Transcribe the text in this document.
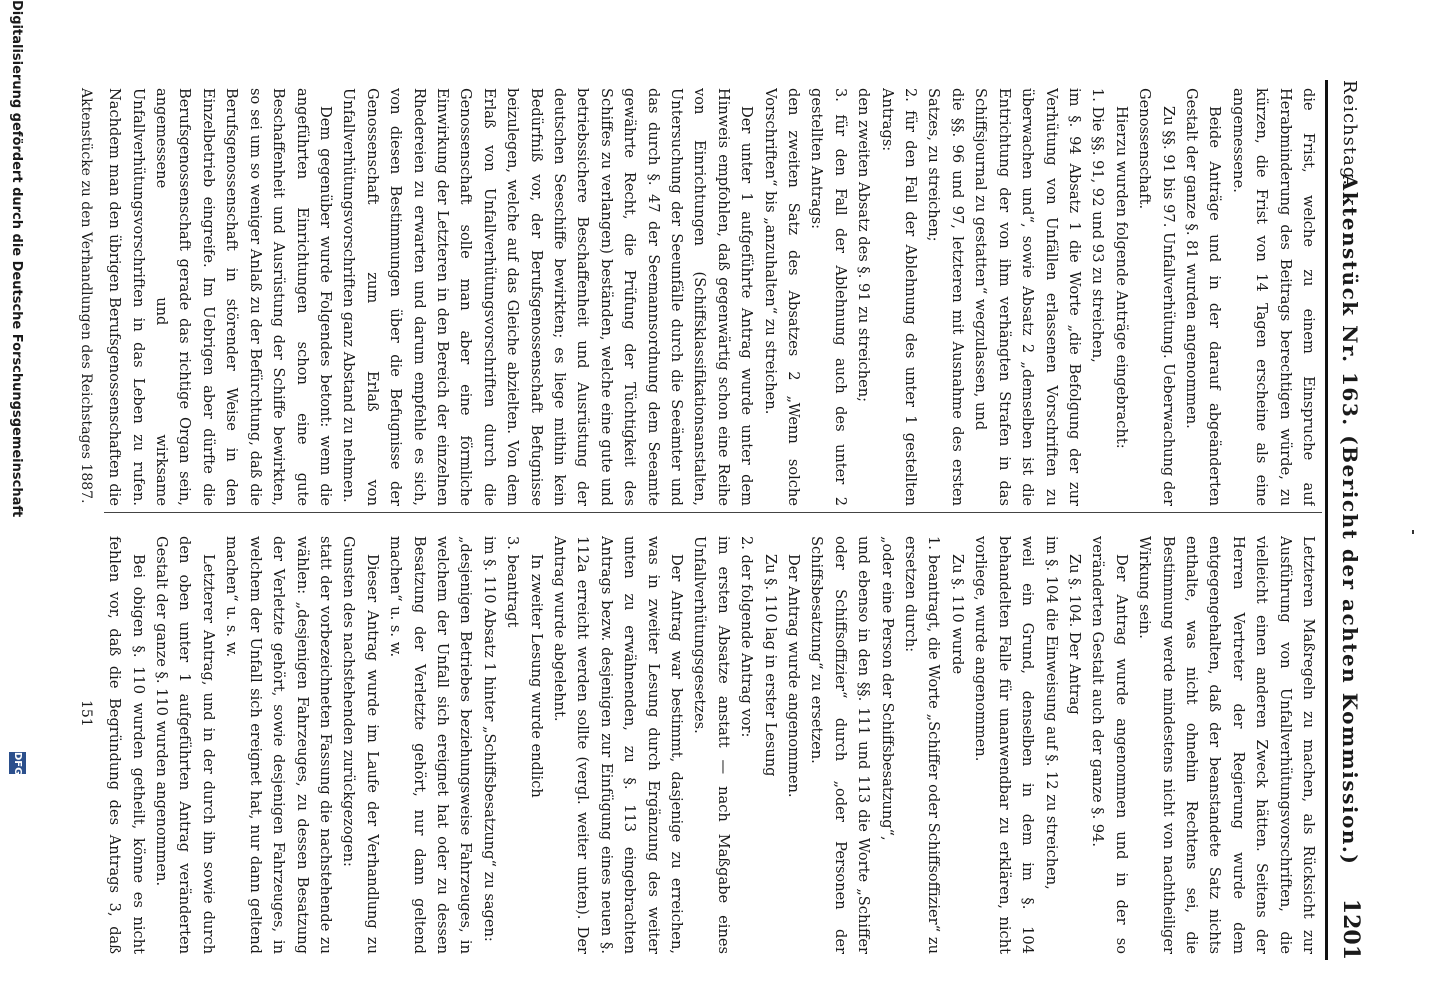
Reichstag.
Aktenstück Nr. 163. (Bericht der achten Kommission.)
1201

die Frist, welche zu einem Einspruche auf Herabminderung des Beitrags berechtigen würde, zu kürzen, die Frist von 14 Tagen erscheine als eine angemessene.

Beide Anträge und in der darauf abgeänderten Gestalt der ganze §. 81 wurden angenommen.

Zu §§. 91 bis 97. Unfallverhütung. Ueberwachung der Genossenschaft.

Hierzu wurden folgende Anträge eingebracht:

1. Die §§. 91, 92 und 93 zu streichen,

im §. 94 Absatz 1 die Worte „die Befolgung der zur Verhütung von Unfällen erlassenen Vorschriften zu überwachen und“, sowie Absatz 2 „demselben ist die Entrichtung der von ihm verhängten Strafen in das Schiffsjournal zu gestatten“ wegzulassen, und

die §§. 96 und 97, letzteren mit Ausnahme des ersten Satzes, zu streichen;

2. für den Fall der Ablehnung des unter 1 gestellten Antrags:

den zweiten Absatz des §. 91 zu streichen;

3. für den Fall der Ablehnung auch des unter 2 gestellten Antrags:

den zweiten Satz des Absatzes 2 „Wenn solche Vorschriften“ bis „anzuhalten“ zu streichen.

Der unter 1 aufgeführte Antrag wurde unter dem Hinweis empfohlen, daß gegenwärtig schon eine Reihe von Einrichtungen (Schiffsklassifikationsanstalten, Untersuchung der Seeunfälle durch die Seeämter und das durch §. 47 der Seemannsordnung dem Seeamte gewährte Recht, die Prüfung der Tüchtigkeit des Schiffes zu verlangen) beständen, welche eine gute und betriebssichere Beschaffenheit und Ausrüstung der deutschen Seeschiffe bewirkten; es liege mithin kein Bedürfniß vor, der Berufsgenossenschaft Befugnisse beizulegen, welche auf das Gleiche abzielten. Von dem Erlaß von Unfallverhütungsvorschriften durch die Genossenschaft solle man aber eine förmliche Einwirkung der Letzteren in den Bereich der einzelnen Rhedereien zu erwarten und darum empfehle es sich, von diesen Bestimmungen über die Befugnisse der Genossenschaft zum Erlaß von Unfallverhütungsvorschriften ganz Abstand zu nehmen.

Dem gegenüber wurde Folgendes betont: wenn die angeführten Einrichtungen schon eine gute Beschaffenheit und Ausrüstung der Schiffe bewirkten, so sei um so weniger Anlaß zu der Befürchtung, daß die Berufsgenossenschaft in störender Weise in den Einzelbetrieb eingreife. Im Uebrigen aber dürfte die Berufsgenossenschaft gerade das richtige Organ sein, angemessene und wirksame Unfallverhütungsvorschriften in das Leben zu rufen. Nachdem man den übrigen Berufsgenossenschaften die

Letzteren Maßregeln zu machen, als Rücksicht zur Ausführung von Unfallverhütungsvorschriften, die vielleicht einen anderen Zweck hätten. Seitens der Herren Vertreter der Regierung wurde dem entgegengehalten, daß der beanstandete Satz nichts enthalte, was nicht ohnehin Rechtens sei, die Bestimmung werde mindestens nicht von nachtheiliger Wirkung sein.

Der Antrag wurde angenommen und in der so veränderten Gestalt auch der ganze §. 94.

Zu §. 104. Der Antrag

im §. 104 die Einweisung auf §. 12 zu streichen,

weil ein Grund, denselben in dem im §. 104 behandelten Falle für unanwendbar zu erklären, nicht vorliege, wurde angenommen.

Zu §. 110 wurde

1. beantragt, die Worte „Schiffer oder Schiffsoffizier“ zu ersetzen durch:

„oder eine Person der Schiffsbesatzung“,

und ebenso in den §§. 111 und 113 die Worte „Schiffer oder Schiffsoffizier“ durch „oder Personen der Schiffsbesatzung“ zu ersetzen.

Der Antrag wurde angenommen.

Zu §. 110 lag in erster Lesung

2. der folgende Antrag vor:

im ersten Absatze anstatt — nach Maßgabe eines Unfallverhütungsgesetzes.

Der Antrag war bestimmt, dasjenige zu erreichen, was in zweiter Lesung durch Ergänzung des weiter unten zu erwähnenden, zu §. 113 eingebrachten Antrags bezw. desjenigen zur Einfügung eines neuen §. 112a erreicht werden sollte (vergl. weiter unten). Der Antrag wurde abgelehnt.

In zweiter Lesung wurde endlich

3. beantragt

im §. 110 Absatz 1 hinter „Schiffsbesatzung“ zu sagen:

„desjenigen Betriebes beziehungsweise Fahrzeuges, in welchem der Unfall sich ereignet hat oder zu dessen Besatzung der Verletzte gehört, nur dann geltend machen“ u. s. w.

Dieser Antrag wurde im Laufe der Verhandlung zu Gunsten des nachstehenden zurückgezogen:

statt der vorbezeichneten Fassung die nachstehende zu wählen: „desjenigen Fahrzeuges, zu dessen Besatzung der Verletzte gehört, sowie desjenigen Fahrzeuges, in welchem der Unfall sich ereignet hat, nur dann geltend machen“ u. s. w.

Letzterer Antrag, und in der durch ihn sowie durch den oben unter 1 aufgeführten Antrag veränderten Gestalt der ganze §. 110 wurden angenommen.

Bei obigen §. 110 wurden getheilt, könne es nicht fehlen vor, daß die Begründung des Antrags 3, daß

Aktenstücke zu den Verhandlungen des Reichstages 1887.
151
Digitalisierung gefördert durch die Deutsche Forschungsgemeinschaft
DFG
